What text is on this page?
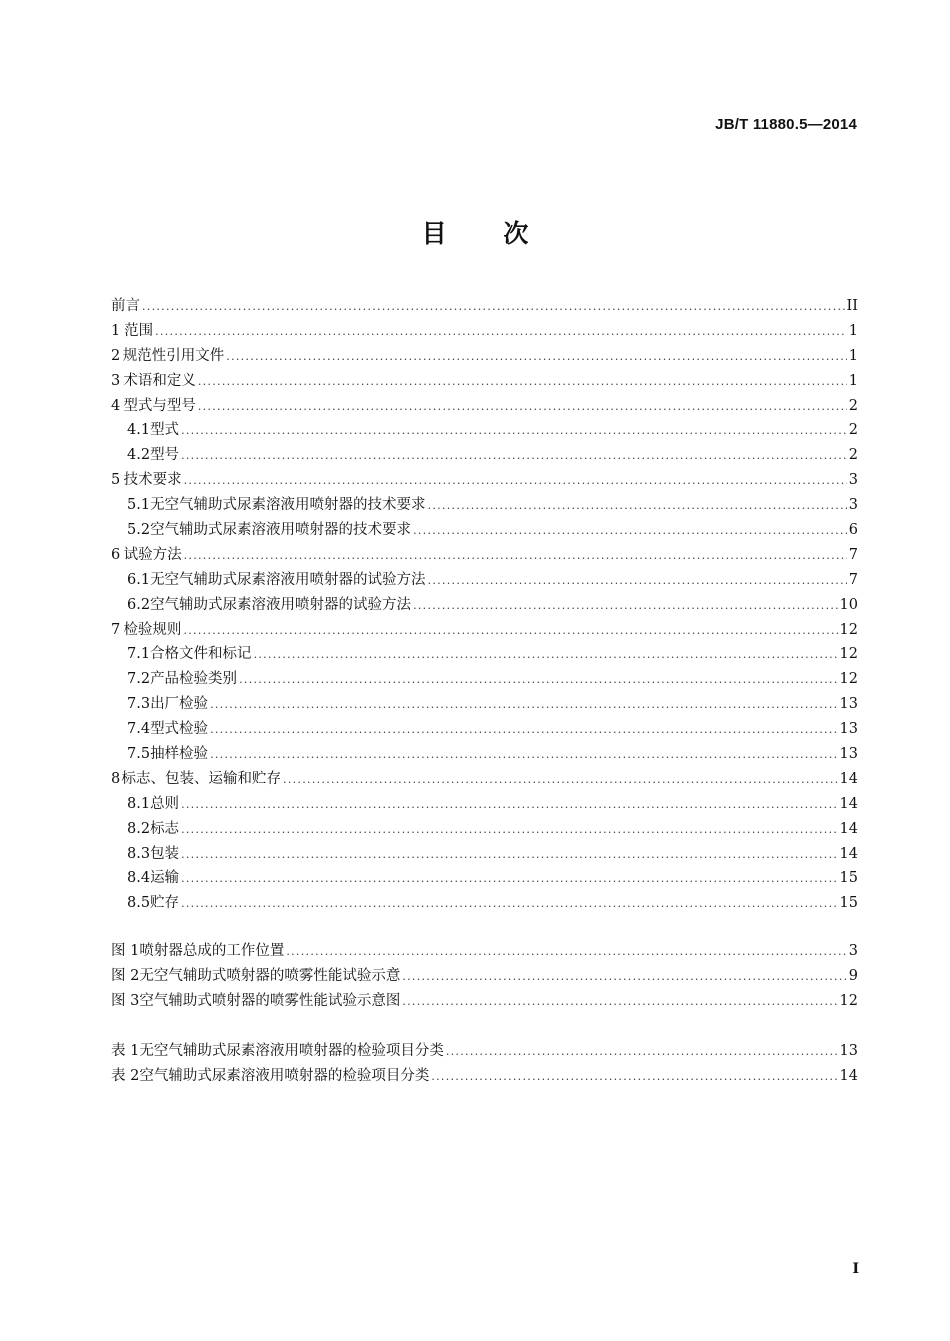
JB/T 11880.5—2014
目 次
前言 .....	II
1 范围 .....	1
2 规范性引用文件 .....	1
3 术语和定义 .....	1
4 型式与型号 .....	2
4.1 型式 .....	2
4.2 型号 .....	2
5 技术要求 .....	3
5.1 无空气辅助式尿素溶液用喷射器的技术要求 .....	3
5.2 空气辅助式尿素溶液用喷射器的技术要求 .....	6
6 试验方法 .....	7
6.1 无空气辅助式尿素溶液用喷射器的试验方法 .....	7
6.2 空气辅助式尿素溶液用喷射器的试验方法 .....	10
7 检验规则 .....	12
7.1 合格文件和标记 .....	12
7.2 产品检验类别 .....	12
7.3 出厂检验 .....	13
7.4 型式检验 .....	13
7.5 抽样检验 .....	13
8 标志、包装、运输和贮存 .....	14
8.1 总则 .....	14
8.2 标志 .....	14
8.3 包装 .....	14
8.4 运输 .....	15
8.5 贮存 .....	15
图 1 喷射器总成的工作位置 .....	3
图 2 无空气辅助式喷射器的喷雾性能试验示意 .....	9
图 3 空气辅助式喷射器的喷雾性能试验示意图 .....	12
表 1 无空气辅助式尿素溶液用喷射器的检验项目分类 .....	13
表 2 空气辅助式尿素溶液用喷射器的检验项目分类 .....	14
I
